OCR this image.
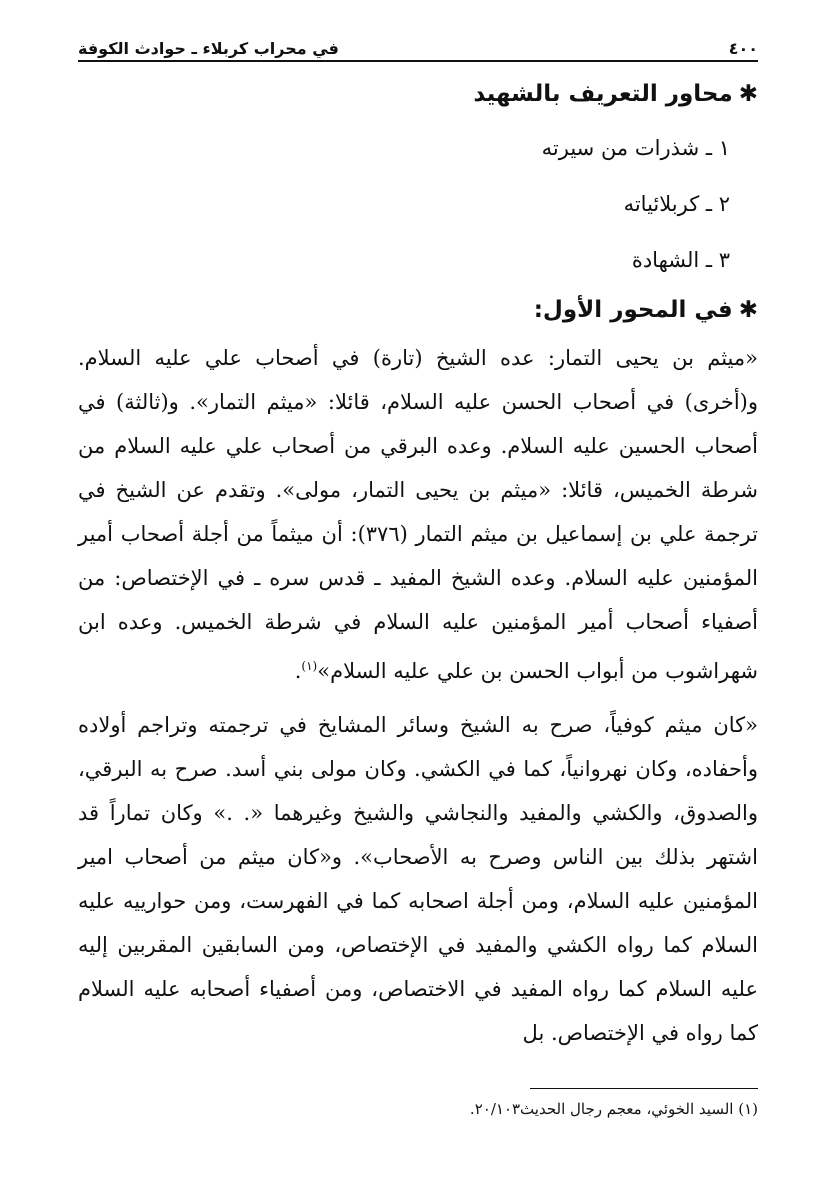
٤٠٠
في محراب كربلاء ـ حوادث الكوفة
✱محاور التعريف بالشهيد
١ ـ شذرات من سيرته
٢ ـ كربلائياته
٣ ـ الشهادة
✱في المحور الأول:

«ميثم بن يحيى التمار: عده الشيخ (تارة) في أصحاب علي عليه السلام. و(أخرى) في أصحاب الحسن عليه السلام، قائلا: «ميثم التمار». و(ثالثة) في أصحاب الحسين عليه السلام. وعده البرقي من أصحاب علي عليه السلام من شرطة الخميس، قائلا: «ميثم بن يحيى التمار، مولى». وتقدم عن الشيخ في ترجمة علي بن إسماعيل بن ميثم التمار (٣٧٦): أن ميثماً من أجلة أصحاب أمير المؤمنين عليه السلام. وعده الشيخ المفيد ـ قدس سره ـ في الإختصاص: من أصفياء أصحاب أمير المؤمنين عليه السلام في شرطة الخميس. وعده ابن شهراشوب من أبواب الحسن بن علي عليه السلام»$^{(١)}$.

«كان ميثم كوفياً، صرح به الشيخ وسائر المشايخ في ترجمته وتراجم أولاده وأحفاده، وكان نهروانياً، كما في الكشي. وكان مولى بني أسد. صرح به البرقي، والصدوق، والكشي والمفيد والنجاشي والشيخ وغيرهما «. .» وكان تماراً قد اشتهر بذلك بين الناس وصرح به الأصحاب». و«كان ميثم من أصحاب امير المؤمنين عليه السلام، ومن أجلة اصحابه كما في الفهرست، ومن حوارييه عليه السلام كما رواه الكشي والمفيد في الإختصاص، ومن السابقين المقربين إليه عليه السلام كما رواه المفيد في الاختصاص، ومن أصفياء أصحابه عليه السلام كما رواه في الإختصاص. بل

(١) السيد الخوئي، معجم رجال الحديث٢٠/١٠٣.
